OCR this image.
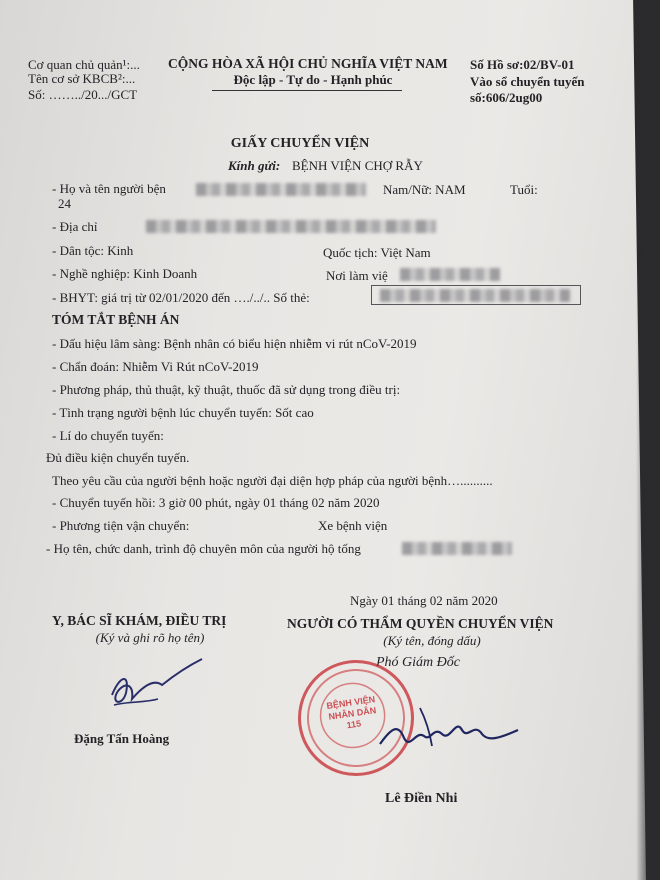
Cơ quan chủ quản¹:...
Tên cơ sở KBCB²:...
Số: ……../20.../GCT
CỘNG HÒA XÃ HỘI CHỦ NGHĨA VIỆT NAM
Độc lập - Tự do - Hạnh phúc
Số Hồ sơ:02/BV-01
Vào sổ chuyển tuyến
số:606/2ug00
GIẤY CHUYỂN VIỆN
Kính gửi: BỆNH VIỆN CHỢ RẪY
- Họ và tên người bện	Nam/Nữ: NAM	Tuổi:
24
- Địa chỉ
- Dân tộc: Kinh	Quốc tịch: Việt Nam
- Nghề nghiệp: Kinh Doanh	Nơi làm việ
- BHYT: giá trị từ 02/01/2020 đến …./../.. Số thẻ:
TÓM TẮT BỆNH ÁN
- Dấu hiệu lâm sàng: Bệnh nhân có biểu hiện nhiễm vi rút nCoV-2019
- Chẩn đoán: Nhiễm Vi Rút nCoV-2019
- Phương pháp, thủ thuật, kỹ thuật, thuốc đã sử dụng trong điều trị:
- Tình trạng người bệnh lúc chuyển tuyến: Sốt cao
- Lí do chuyển tuyến:
Đủ điều kiện chuyển tuyến.
Theo yêu cầu của người bệnh hoặc người đại diện hợp pháp của người bệnh…..........
- Chuyển tuyến hồi: 3 giờ 00 phút, ngày 01 tháng 02 năm 2020
- Phương tiện vận chuyển:	Xe bệnh viện
- Họ tên, chức danh, trình độ chuyên môn của người hộ tống
Ngày 01 tháng 02 năm 2020
Y, BÁC SĨ KHÁM, ĐIỀU TRỊ
(Ký và ghi rõ họ tên)
Đặng Tấn Hoàng
NGƯỜI CÓ THẨM QUYỀN CHUYỂN VIỆN
(Ký tên, đóng dấu)
Phó Giám Đốc
BỆNH VIỆN NHÂN DÂN 115
Lê Điền Nhi
